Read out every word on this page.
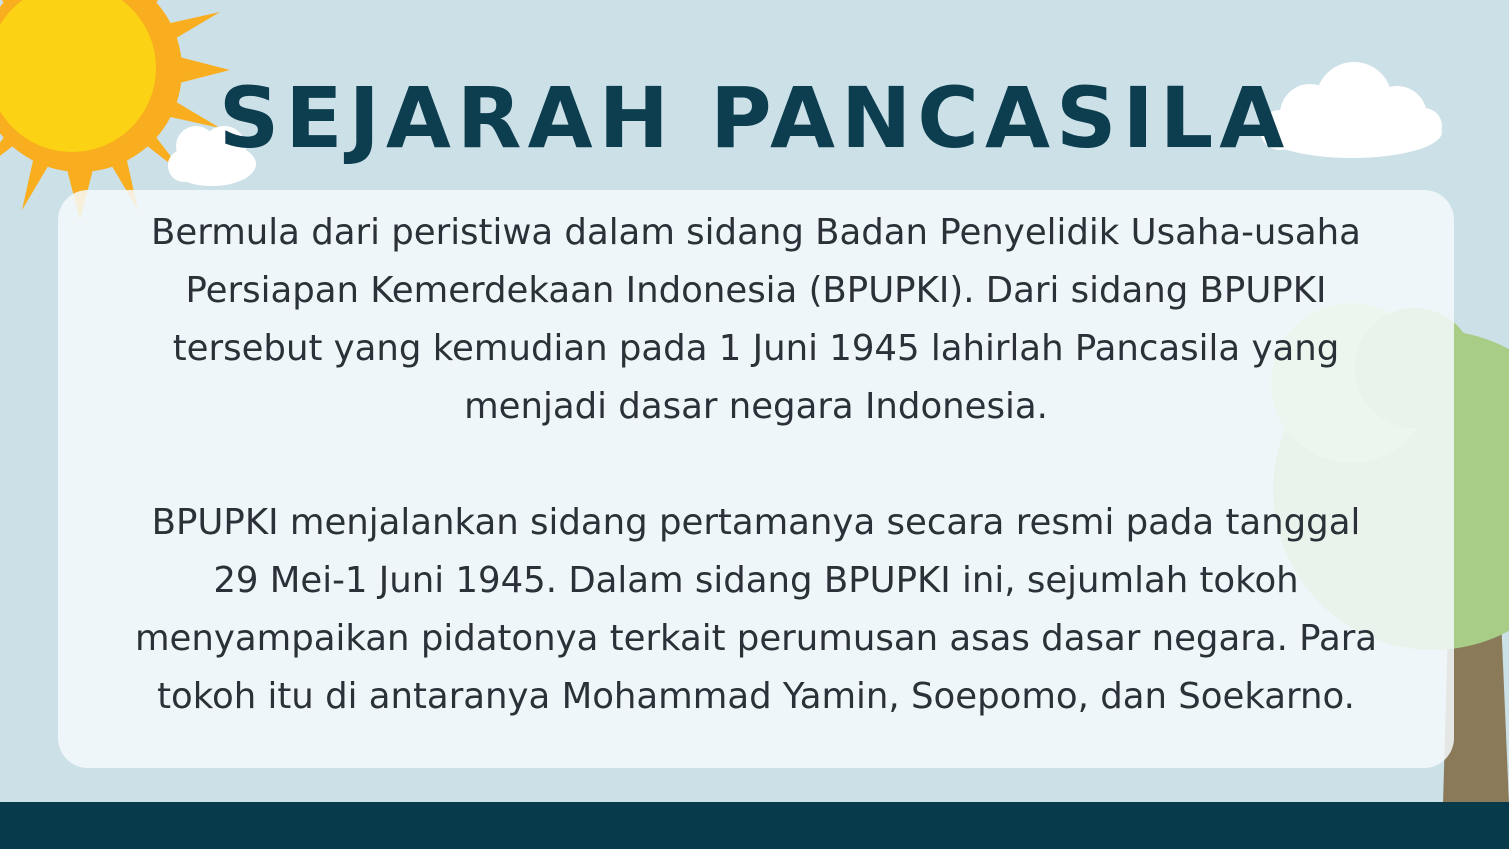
SEJARAH PANCASILA
Bermula dari peristiwa dalam sidang Badan Penyelidik Usaha-usaha
Persiapan Kemerdekaan Indonesia (BPUPKI). Dari sidang BPUPKI
tersebut yang kemudian pada 1 Juni 1945 lahirlah Pancasila yang
menjadi dasar negara Indonesia.
BPUPKI menjalankan sidang pertamanya secara resmi pada tanggal
29 Mei-1 Juni 1945. Dalam sidang BPUPKI ini, sejumlah tokoh
menyampaikan pidatonya terkait perumusan asas dasar negara. Para
tokoh itu di antaranya Mohammad Yamin, Soepomo, dan Soekarno.
